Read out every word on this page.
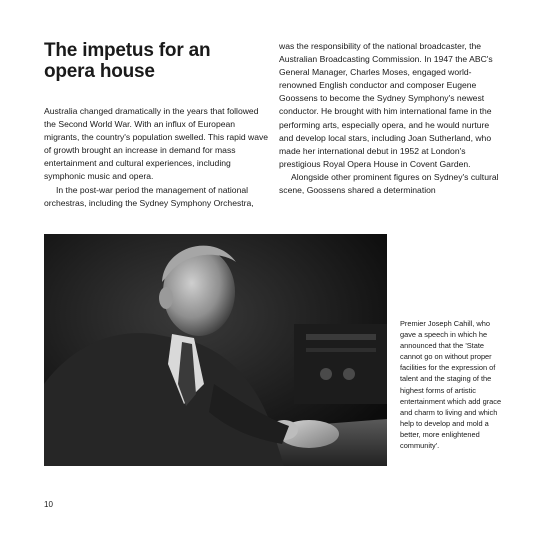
The impetus for an opera house

Australia changed dramatically in the years that followed the Second World War. With an influx of European migrants, the country's population swelled. This rapid wave of growth brought an increase in demand for mass entertainment and cultural experiences, including symphonic music and opera.

In the post-war period the management of national orchestras, including the Sydney Symphony Orchestra,

was the responsibility of the national broadcaster, the Australian Broadcasting Commission. In 1947 the ABC's General Manager, Charles Moses, engaged world-renowned English conductor and composer Eugene Goossens to become the Sydney Symphony's newest conductor. He brought with him international fame in the performing arts, especially opera, and he would nurture and develop local stars, including Joan Sutherland, who made her international debut in 1952 at London's prestigious Royal Opera House in Covent Garden.

Alongside other prominent figures on Sydney's cultural scene, Goossens shared a determination

Premier Joseph Cahill, who gave a speech in which he announced that the 'State cannot go on without proper facilities for the expression of talent and the staging of the highest forms of artistic entertainment which add grace and charm to living and which help to develop and mold a better, more enlightened community'.

10
